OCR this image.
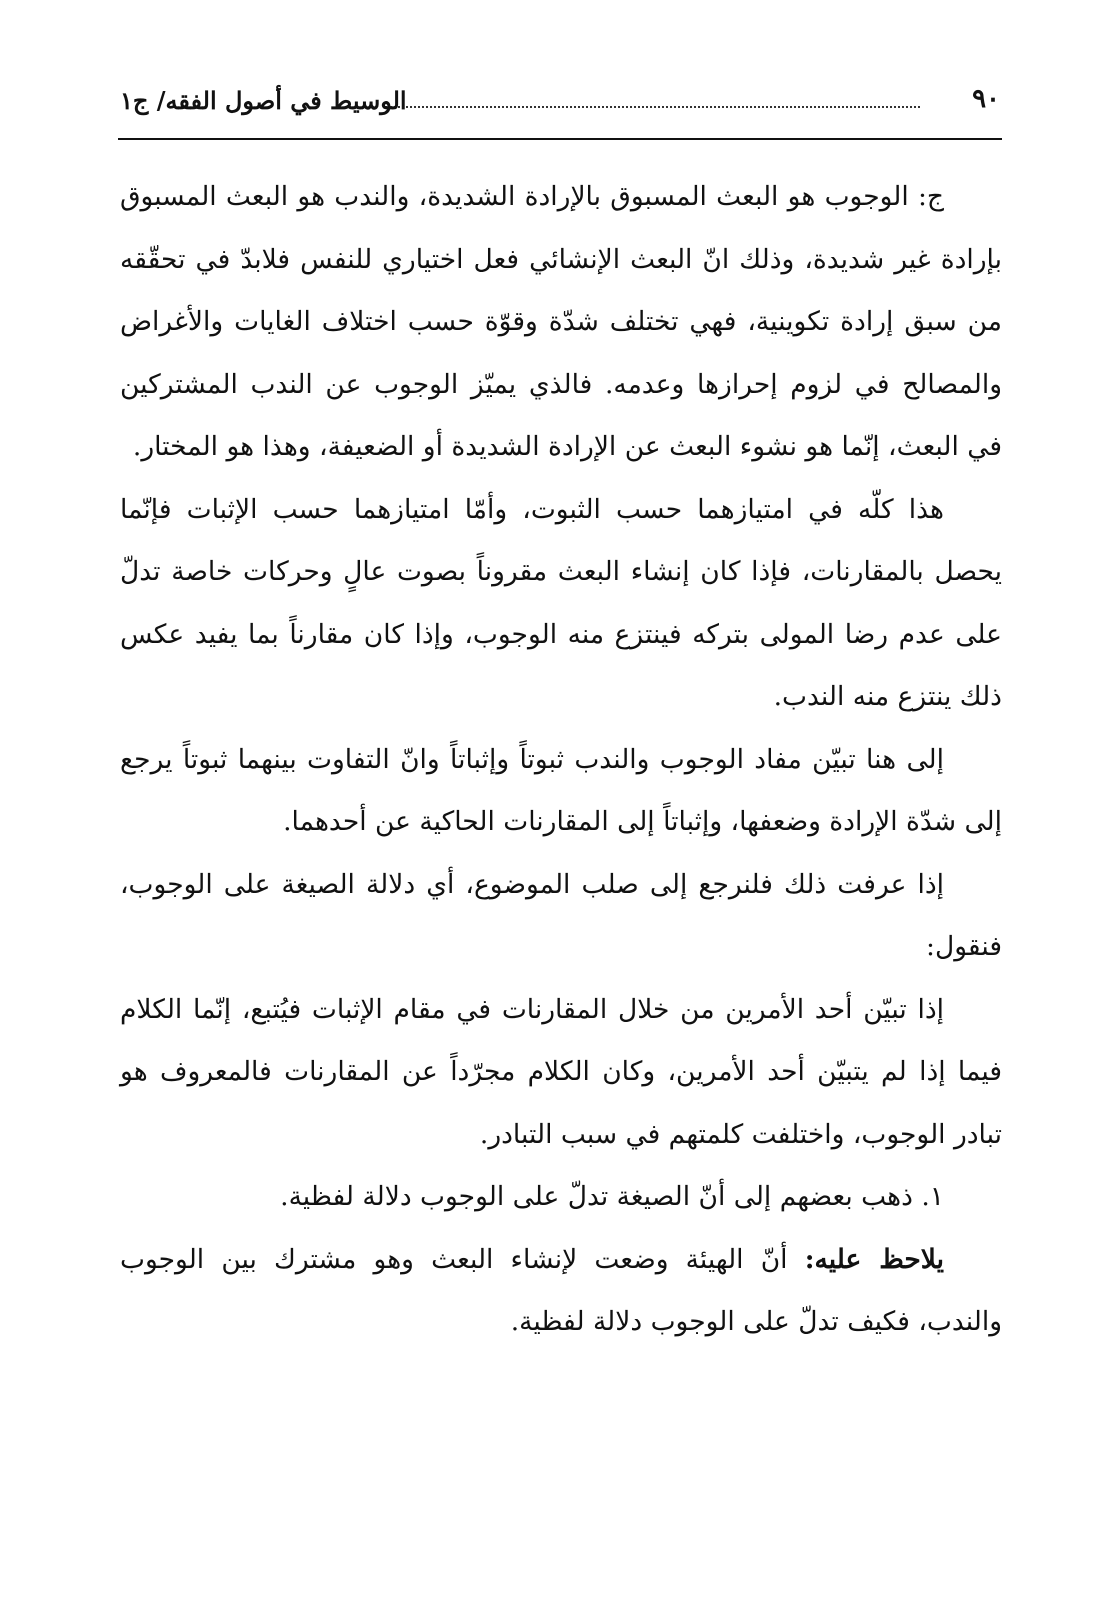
٩٠
الوسيط في أصول الفقه/ ج١

ج: الوجوب هو البعث المسبوق بالإرادة الشديدة، والندب هو البعث المسبوق بإرادة غير شديدة، وذلك انّ البعث الإنشائي فعل اختياري للنفس فلابدّ في تحقّقه من سبق إرادة تكوينية، فهي تختلف شدّة وقوّة حسب اختلاف الغايات والأغراض والمصالح في لزوم إحرازها وعدمه. فالذي يميّز الوجوب عن الندب المشتركين في البعث، إنّما هو نشوء البعث عن الإرادة الشديدة أو الضعيفة، وهذا هو المختار.

هذا كلّه في امتيازهما حسب الثبوت، وأمّا امتيازهما حسب الإثبات فإنّما يحصل بالمقارنات، فإذا كان إنشاء البعث مقروناً بصوت عالٍ وحركات خاصة تدلّ على عدم رضا المولى بتركه فينتزع منه الوجوب، وإذا كان مقارناً بما يفيد عكس ذلك ينتزع منه الندب.

إلى هنا تبيّن مفاد الوجوب والندب ثبوتاً وإثباتاً وانّ التفاوت بينهما ثبوتاً يرجع إلى شدّة الإرادة وضعفها، وإثباتاً إلى المقارنات الحاكية عن أحدهما.

إذا عرفت ذلك فلنرجع إلى صلب الموضوع، أي دلالة الصيغة على الوجوب، فنقول:

إذا تبيّن أحد الأمرين من خلال المقارنات في مقام الإثبات فيُتبع، إنّما الكلام فيما إذا لم يتبيّن أحد الأمرين، وكان الكلام مجرّداً عن المقارنات فالمعروف هو تبادر الوجوب، واختلفت كلمتهم في سبب التبادر.

١. ذهب بعضهم إلى أنّ الصيغة تدلّ على الوجوب دلالة لفظية.

يلاحظ عليه: أنّ الهيئة وضعت لإنشاء البعث وهو مشترك بين الوجوب والندب، فكيف تدلّ على الوجوب دلالة لفظية.
